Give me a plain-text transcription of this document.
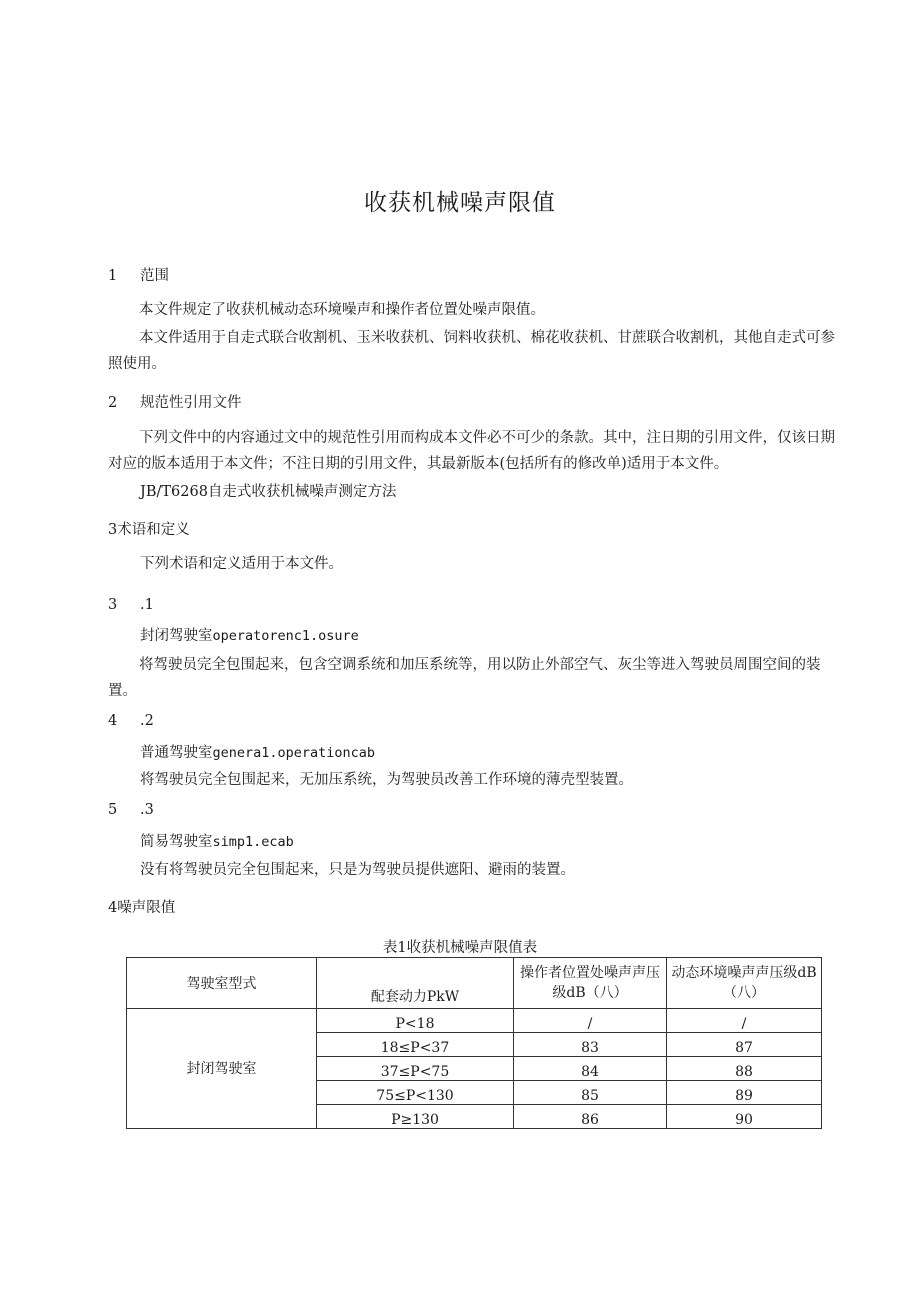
收获机械噪声限值
1 范围
本文件规定了收获机械动态环境噪声和操作者位置处噪声限值。
本文件适用于自走式联合收割机、玉米收获机、饲料收获机、棉花收获机、甘蔗联合收割机，其他自走式可参照使用。
2 规范性引用文件
下列文件中的内容通过文中的规范性引用而构成本文件必不可少的条款。其中，注日期的引用文件，仅该日期对应的版本适用于本文件；不注日期的引用文件，其最新版本(包括所有的修改单)适用于本文件。
JB/T6268自走式收获机械噪声测定方法
3术语和定义
下列术语和定义适用于本文件。
3 .1
封闭驾驶室operatorenc1.osure
将驾驶员完全包围起来，包含空调系统和加压系统等，用以防止外部空气、灰尘等进入驾驶员周围空间的装置。
4 .2
普通驾驶室genera1.operationcab
将驾驶员完全包围起来，无加压系统，为驾驶员改善工作环境的薄壳型装置。
5 .3
简易驾驶室simp1.ecab
没有将驾驶员完全包围起来，只是为驾驶员提供遮阳、避雨的装置。
4噪声限值
表1收获机械噪声限值表
驾驶室型式	配套动力PkW	操作者位置处噪声声压级dB（八）	动态环境噪声声压级dB（八）
封闭驾驶室	P<18	/	/
	18≤P<37	83	87
	37≤P<75	84	88
	75≤P<130	85	89
	P≥130	86	90
